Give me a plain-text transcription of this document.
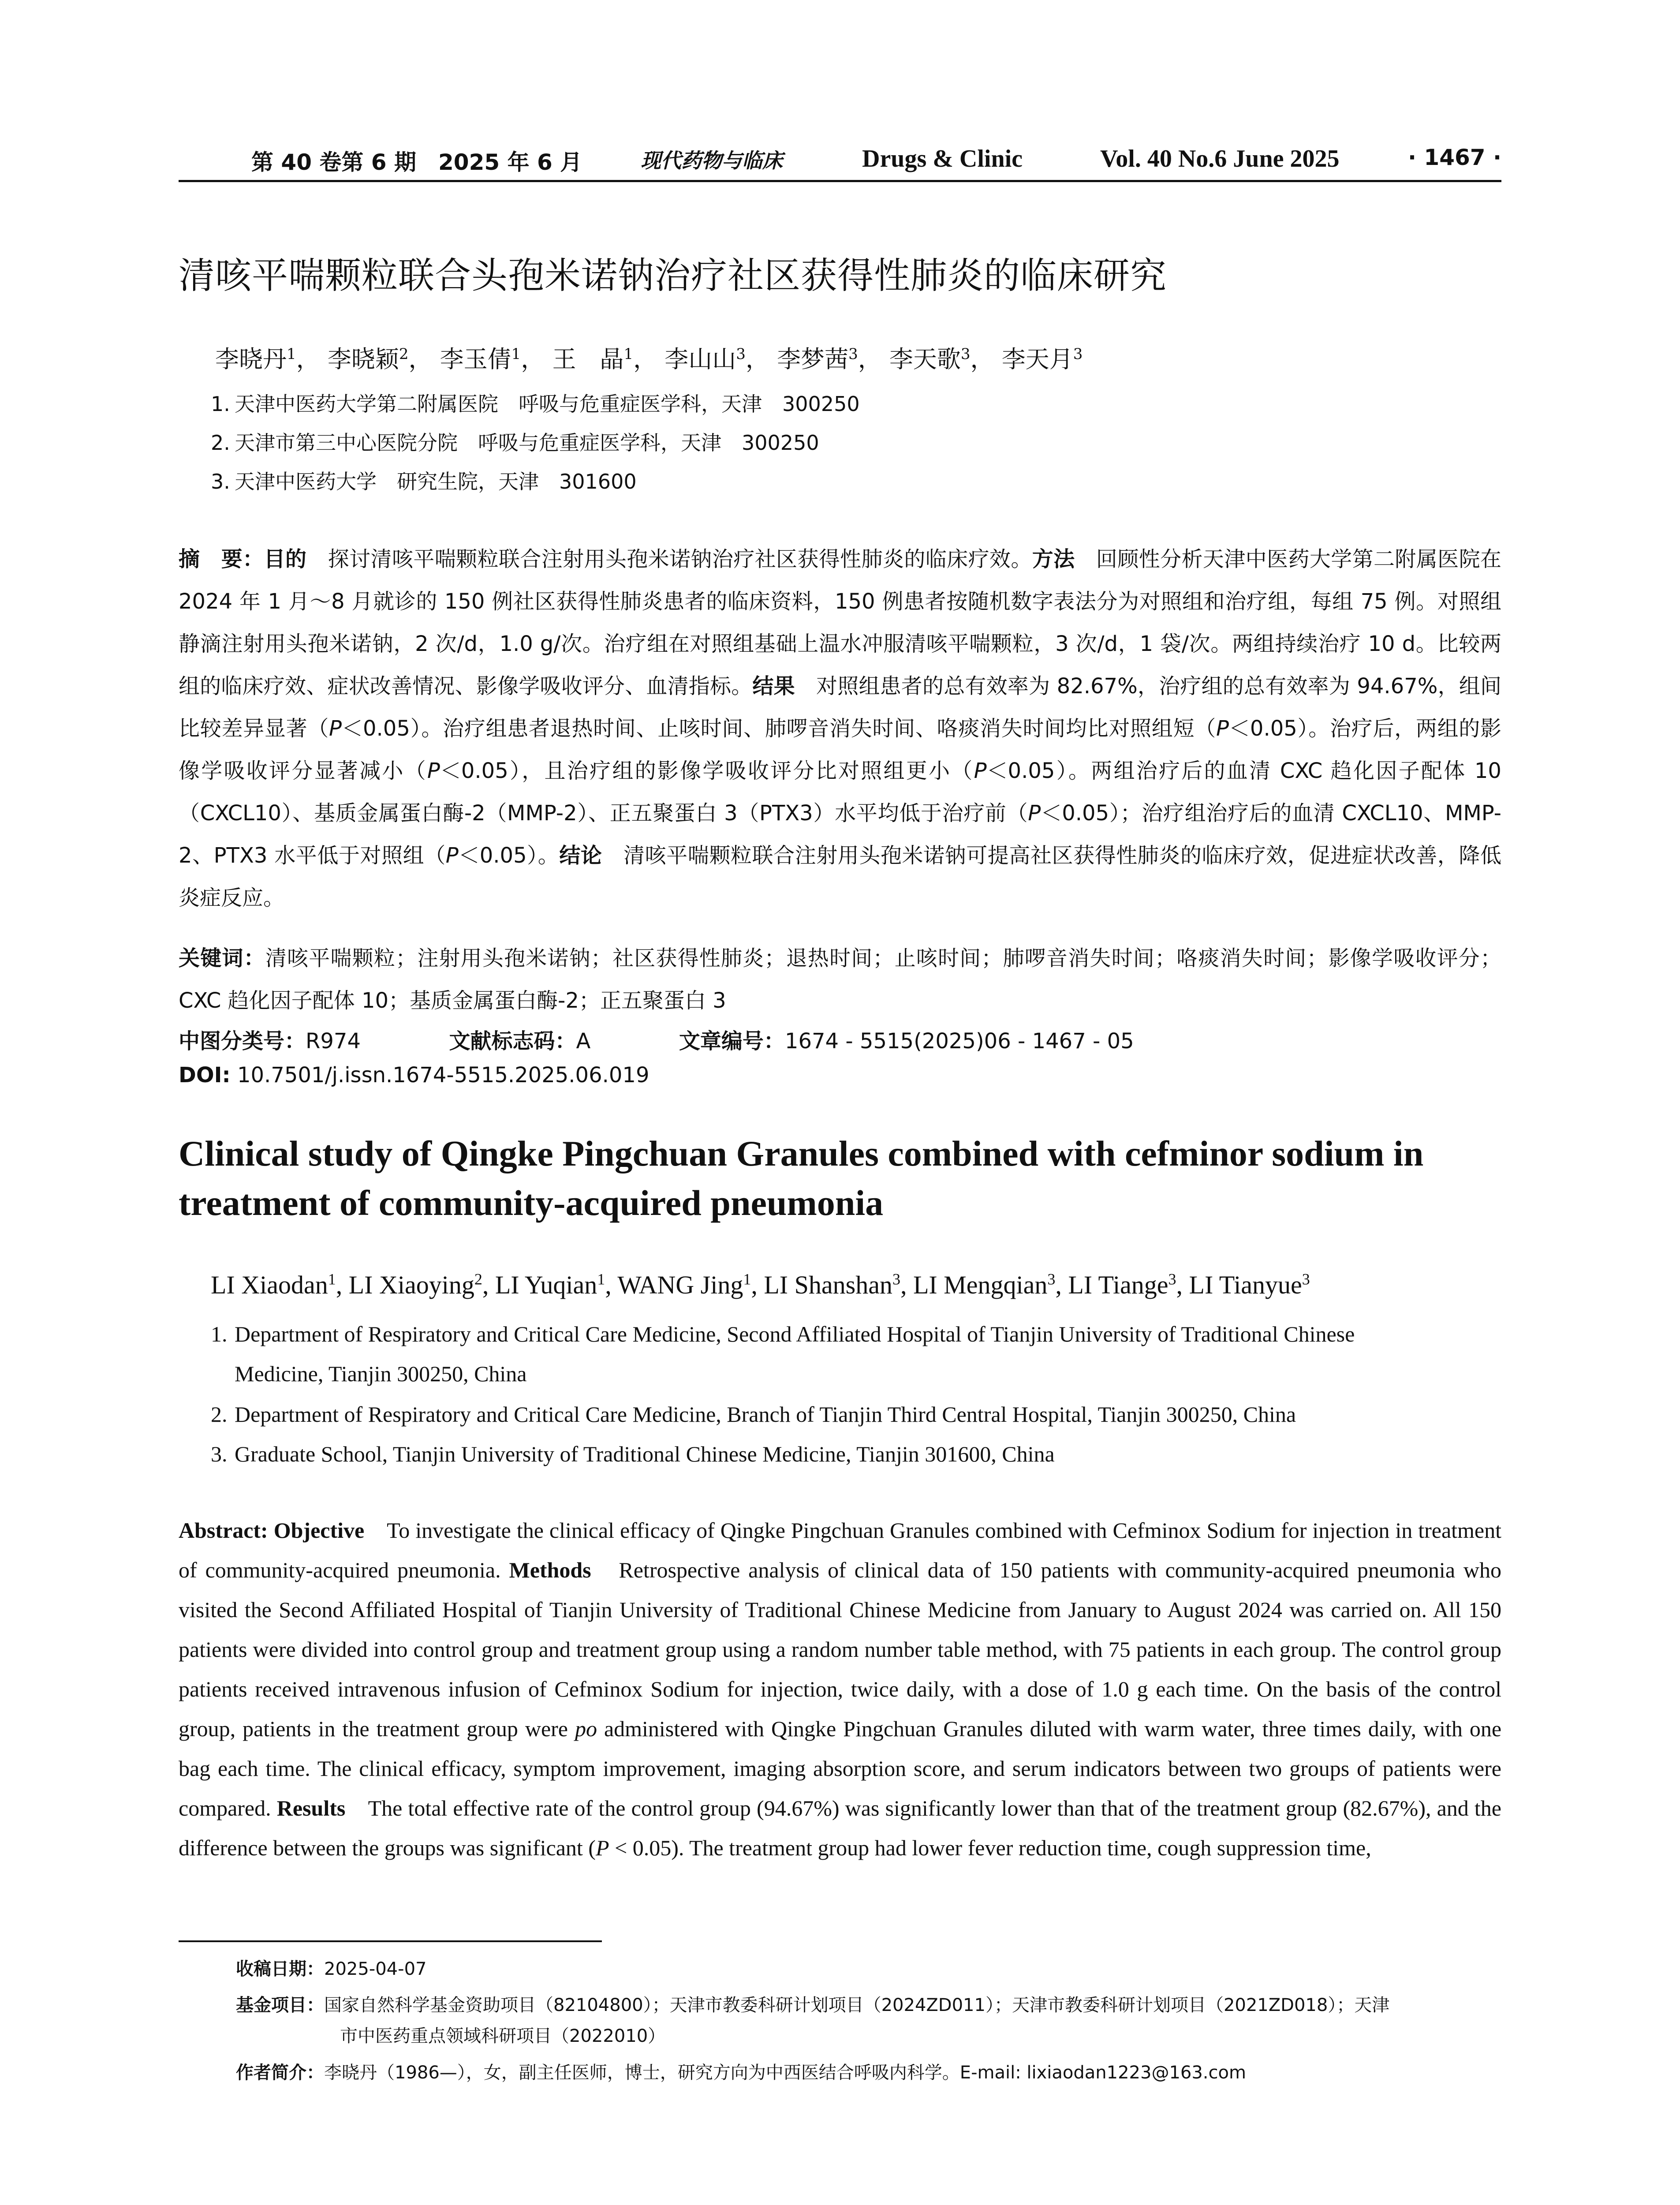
第 40 卷第 6 期　2025 年 6 月	现代药物与临床	Drugs & Clinic	Vol. 40 No.6 June 2025	· 1467 ·
清咳平喘颗粒联合头孢米诺钠治疗社区获得性肺炎的临床研究
李晓丹$^1$， 李晓颖$^2$， 李玉倩$^1$， 王　晶$^1$， 李山山$^3$， 李梦茜$^3$， 李天歌$^3$， 李天月$^3$
1. 天津中医药大学第二附属医院　呼吸与危重症医学科，天津　300250
2. 天津市第三中心医院分院　呼吸与危重症医学科，天津　300250
3. 天津中医药大学　研究生院，天津　301600
摘　要：目的　探讨清咳平喘颗粒联合注射用头孢米诺钠治疗社区获得性肺炎的临床疗效。方法　回顾性分析天津中医药大学第二附属医院在 2024 年 1 月～8 月就诊的 150 例社区获得性肺炎患者的临床资料，150 例患者按随机数字表法分为对照组和治疗组，每组 75 例。对照组静滴注射用头孢米诺钠，2 次/d，1.0 g/次。治疗组在对照组基础上温水冲服清咳平喘颗粒，3 次/d，1 袋/次。两组持续治疗 10 d。比较两组的临床疗效、症状改善情况、影像学吸收评分、血清指标。结果　对照组患者的总有效率为 82.67%，治疗组的总有效率为 94.67%，组间比较差异显著（P＜0.05）。治疗组患者退热时间、止咳时间、肺啰音消失时间、咯痰消失时间均比对照组短（P＜0.05）。治疗后，两组的影像学吸收评分显著减小（P＜0.05），且治疗组的影像学吸收评分比对照组更小（P＜0.05）。两组治疗后的血清 CXC 趋化因子配体 10（CXCL10）、基质金属蛋白酶-2（MMP-2）、正五聚蛋白 3（PTX3）水平均低于治疗前（P＜0.05）；治疗组治疗后的血清 CXCL10、MMP-2、PTX3 水平低于对照组（P＜0.05）。结论　清咳平喘颗粒联合注射用头孢米诺钠可提高社区获得性肺炎的临床疗效，促进症状改善，降低炎症反应。
关键词：清咳平喘颗粒；注射用头孢米诺钠；社区获得性肺炎；退热时间；止咳时间；肺啰音消失时间；咯痰消失时间；影像学吸收评分；CXC 趋化因子配体 10；基质金属蛋白酶-2；正五聚蛋白 3
中图分类号：R974	文献标志码：A	文章编号：1674 - 5515(2025)06 - 1467 - 05
DOI: 10.7501/j.issn.1674-5515.2025.06.019
Clinical study of Qingke Pingchuan Granules combined with cefminor sodium in treatment of community-acquired pneumonia
LI Xiaodan$^1$, LI Xiaoying$^2$, LI Yuqian$^1$, WANG Jing$^1$, LI Shanshan$^3$, LI Mengqian$^3$, LI Tiange$^3$, LI Tianyue$^3$
1. Department of Respiratory and Critical Care Medicine, Second Affiliated Hospital of Tianjin University of Traditional Chinese
Medicine, Tianjin 300250, China
2. Department of Respiratory and Critical Care Medicine, Branch of Tianjin Third Central Hospital, Tianjin 300250, China
3. Graduate School, Tianjin University of Traditional Chinese Medicine, Tianjin 301600, China
Abstract: Objective　To investigate the clinical efficacy of Qingke Pingchuan Granules combined with Cefminox Sodium for injection in treatment of community-acquired pneumonia. Methods　Retrospective analysis of clinical data of 150 patients with community-acquired pneumonia who visited the Second Affiliated Hospital of Tianjin University of Traditional Chinese Medicine from January to August 2024 was carried on. All 150 patients were divided into control group and treatment group using a random number table method, with 75 patients in each group. The control group patients received intravenous infusion of Cefminox Sodium for injection, twice daily, with a dose of 1.0 g each time. On the basis of the control group, patients in the treatment group were po administered with Qingke Pingchuan Granules diluted with warm water, three times daily, with one bag each time. The clinical efficacy, symptom improvement, imaging absorption score, and serum indicators between two groups of patients were compared. Results　The total effective rate of the control group (94.67%) was significantly lower than that of the treatment group (82.67%), and the difference between the groups was significant (P < 0.05). The treatment group had lower fever reduction time, cough suppression time,
收稿日期：2025-04-07
基金项目：国家自然科学基金资助项目（82104800）；天津市教委科研计划项目（2024ZD011）；天津市教委科研计划项目（2021ZD018）；天津
市中医药重点领域科研项目（2022010）
作者简介：李晓丹（1986—），女，副主任医师，博士，研究方向为中西医结合呼吸内科学。E-mail: lixiaodan1223@163.com
